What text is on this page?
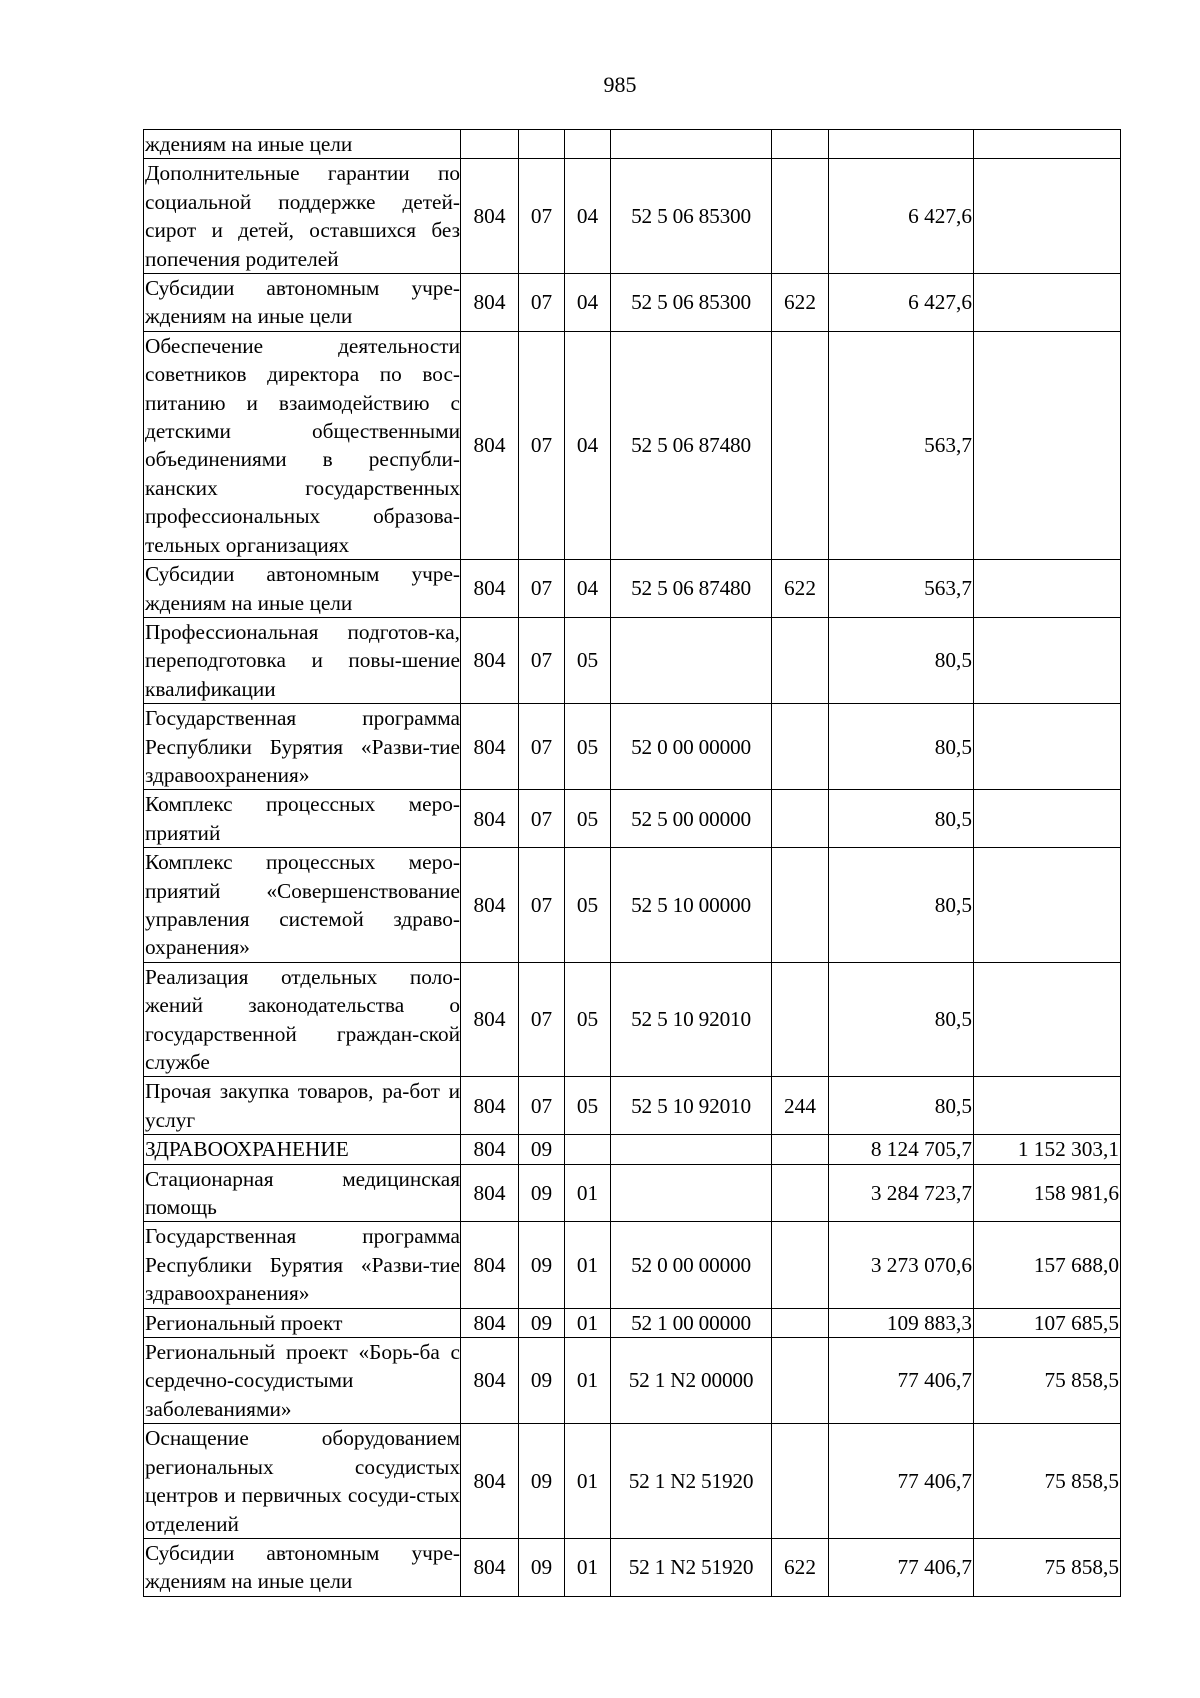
985
ждениям на иные цели							
Дополнительные гарантии по социальной поддержке детей-сирот и детей, оставшихся без попечения родителей	804	07	04	52 5 06 85300		6 427,6	
Субсидии автономным учре-ждениям на иные цели	804	07	04	52 5 06 85300	622	6 427,6	
Обеспечение деятельности советников директора по вос-питанию и взаимодействию с детскими общественными объединениями в республи-канских государственных профессиональных образова-тельных организациях	804	07	04	52 5 06 87480		563,7	
Субсидии автономным учре-ждениям на иные цели	804	07	04	52 5 06 87480	622	563,7	
Профессиональная подготов-ка, переподготовка и повы-шение квалификации	804	07	05			80,5	
Государственная программа Республики Бурятия «Разви-тие здравоохранения»	804	07	05	52 0 00 00000		80,5	
Комплекс процессных меро-приятий	804	07	05	52 5 00 00000		80,5	
Комплекс процессных меро-приятий «Совершенствование управления системой здраво-охранения»	804	07	05	52 5 10 00000		80,5	
Реализация отдельных поло-жений законодательства о государственной граждан-ской службе	804	07	05	52 5 10 92010		80,5	
Прочая закупка товаров, ра-бот и услуг	804	07	05	52 5 10 92010	244	80,5	
ЗДРАВООХРАНЕНИЕ	804	09				8 124 705,7	1 152 303,1
Стационарная медицинская помощь	804	09	01			3 284 723,7	158 981,6
Государственная программа Республики Бурятия «Разви-тие здравоохранения»	804	09	01	52 0 00 00000		3 273 070,6	157 688,0
Региональный проект	804	09	01	52 1 00 00000		109 883,3	107 685,5
Региональный проект «Борь-ба с сердечно-сосудистыми заболеваниями»	804	09	01	52 1 N2 00000		77 406,7	75 858,5
Оснащение оборудованием региональных сосудистых центров и первичных сосуди-стых отделений	804	09	01	52 1 N2 51920		77 406,7	75 858,5
Субсидии автономным учре-ждениям на иные цели	804	09	01	52 1 N2 51920	622	77 406,7	75 858,5
